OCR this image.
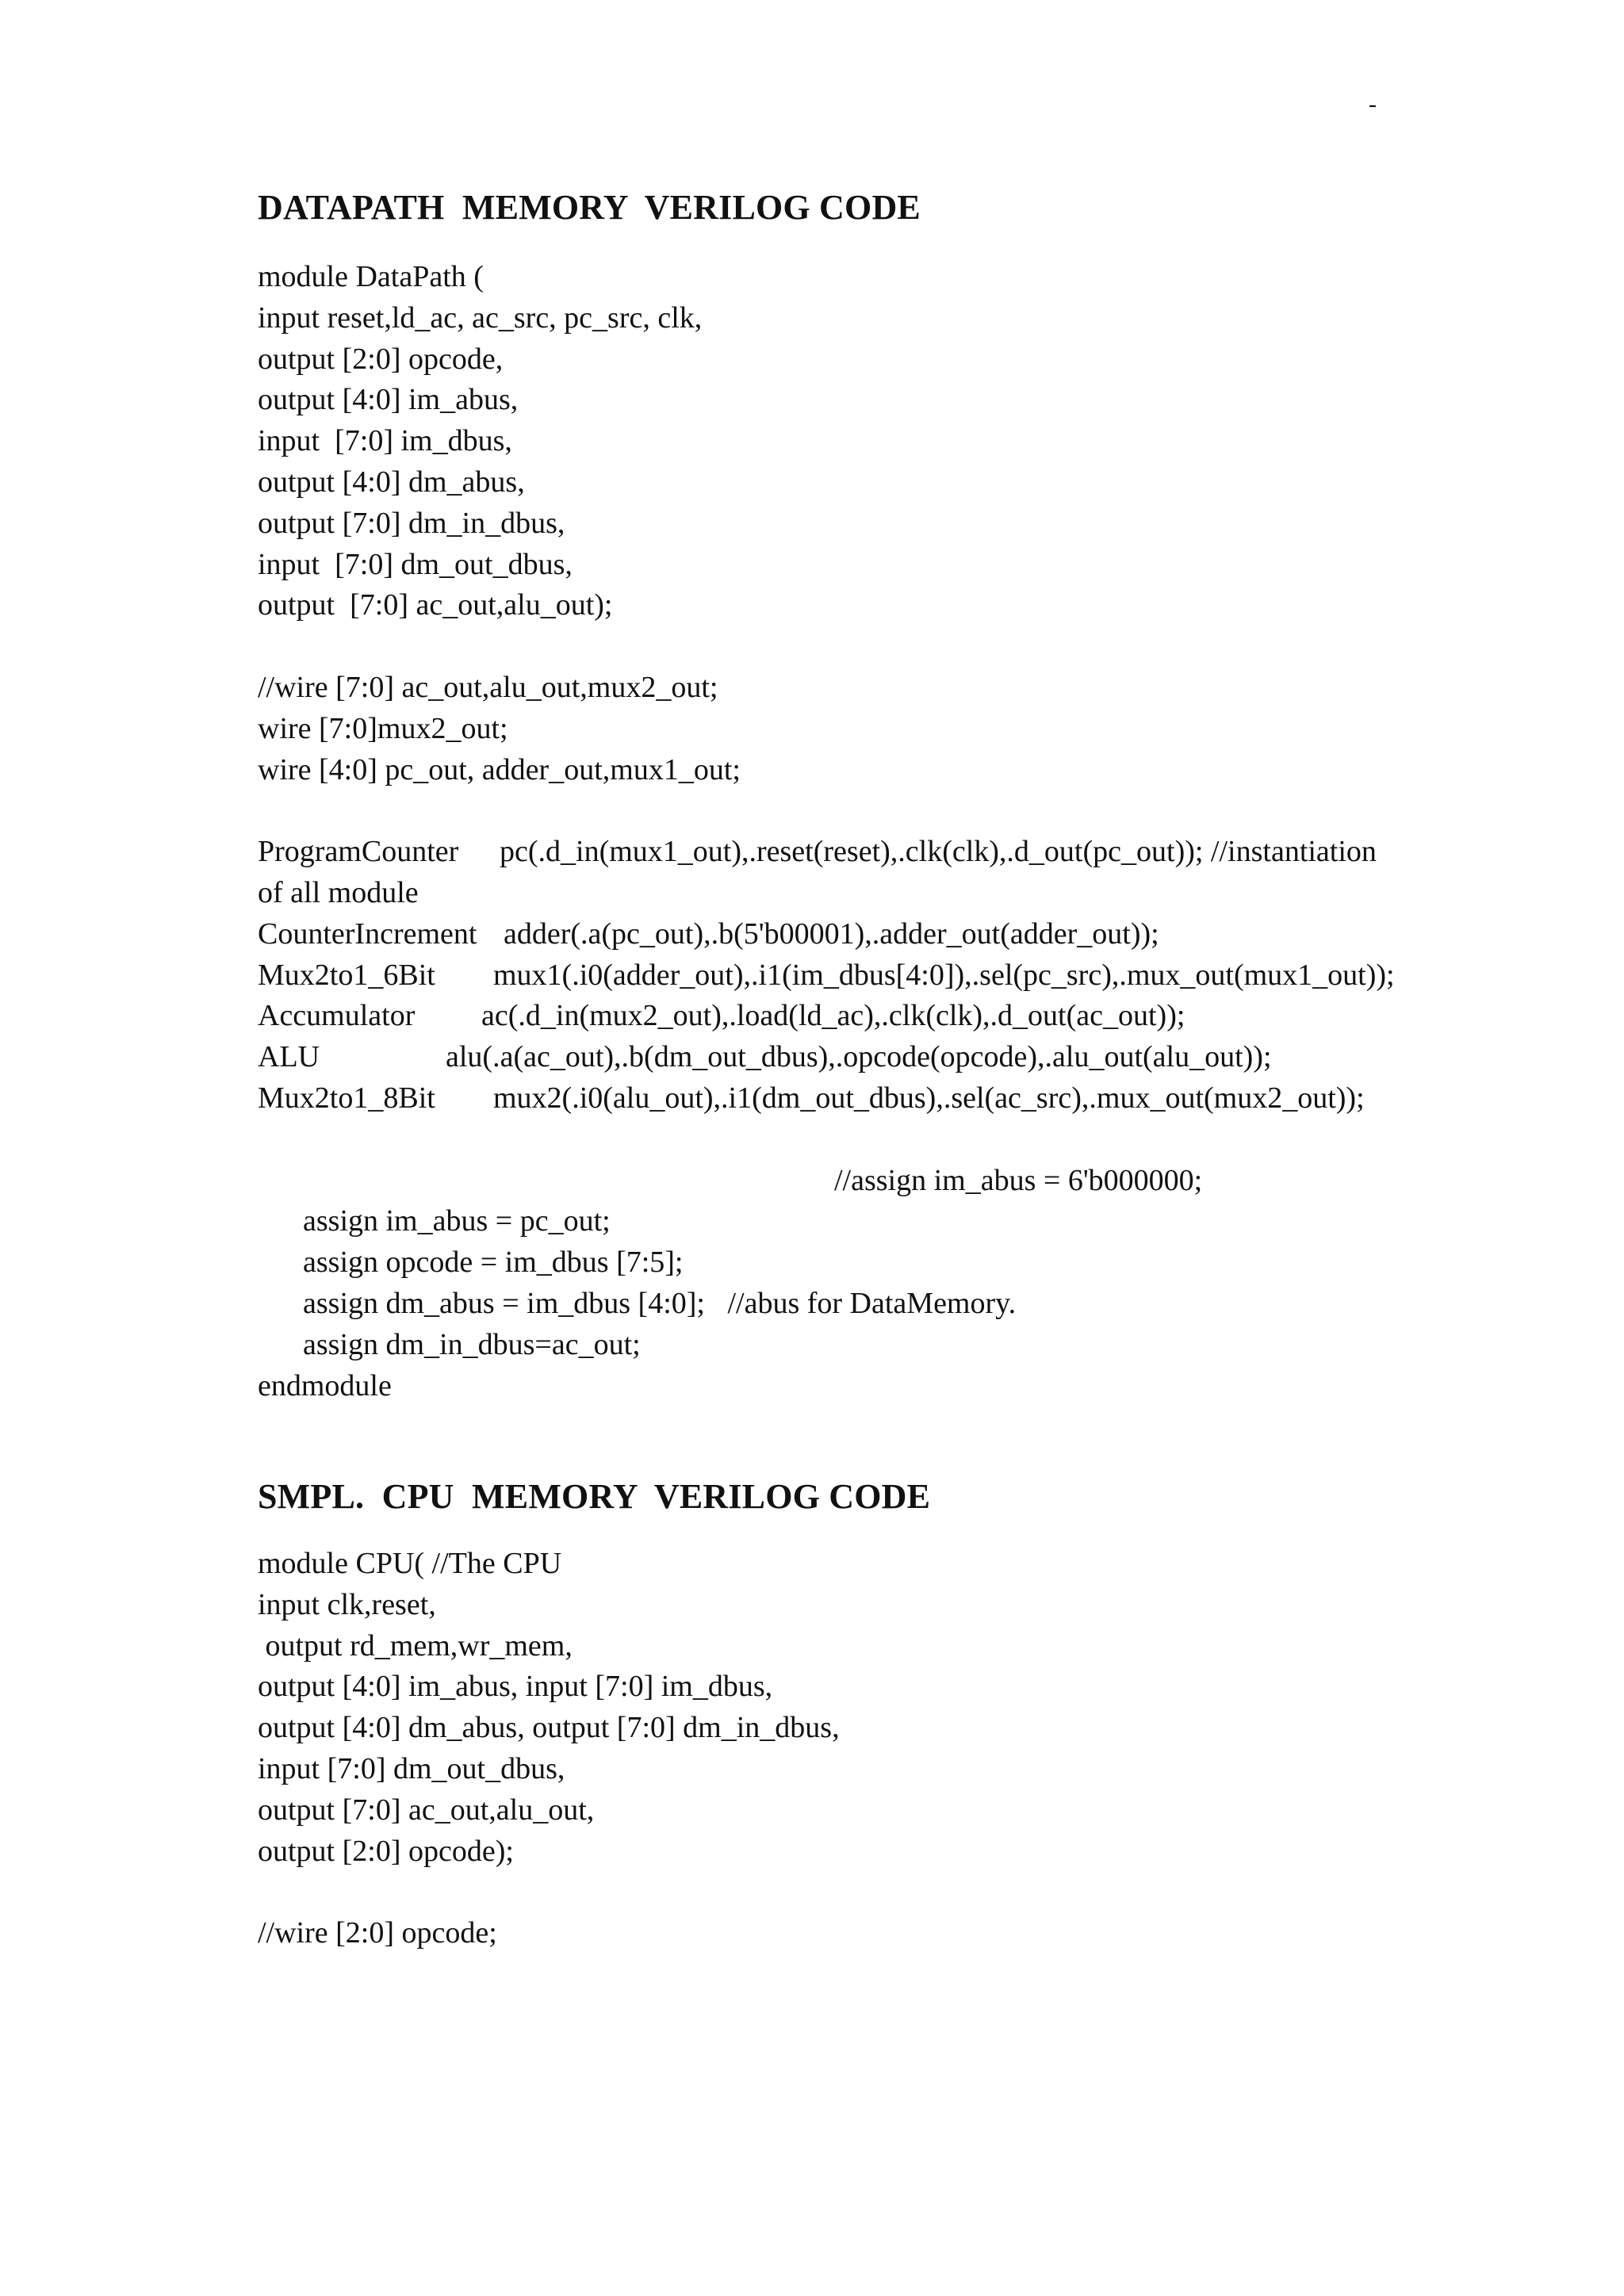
-
DATAPATH  MEMORY  VERILOG CODE
module DataPath (
input reset,ld_ac, ac_src, pc_src, clk,
output [2:0] opcode,
output [4:0] im_abus,
input  [7:0] im_dbus,
output [4:0] dm_abus,
output [7:0] dm_in_dbus,
input  [7:0] dm_out_dbus,
output  [7:0] ac_out,alu_out);
//wire [7:0] ac_out,alu_out,mux2_out;
wire [7:0]mux2_out;
wire [4:0] pc_out, adder_out,mux1_out;

ProgramCounter

pc(.d_in(mux1_out),.reset(reset),.clk(clk),.d_out(pc_out)); //instantiation

of all module

CounterIncrement

adder(.a(pc_out),.b(5'b00001),.adder_out(adder_out));

Mux2to1_6Bit

mux1(.i0(adder_out),.i1(im_dbus[4:0]),.sel(pc_src),.mux_out(mux1_out));

Accumulator

ac(.d_in(mux2_out),.load(ld_ac),.clk(clk),.d_out(ac_out));

ALU

	alu(.a(ac_out),.b(dm_out_dbus),.opcode(opcode),.alu_out(alu_out));

Mux2to1_8Bit

mux2(.i0(alu_out),.i1(dm_out_dbus),.sel(ac_src),.mux_out(mux2_out));

assign im_abus = pc_out;

//assign im_abus = 6'b000000;

assign opcode = im_dbus [7:5];

assign dm_abus = im_dbus [4:0];   //abus for DataMemory.

assign dm_in_dbus=ac_out;

endmodule
SMPL.  CPU  MEMORY  VERILOG CODE
module CPU( //The CPU
input clk,reset,
output rd_mem,wr_mem,
output [4:0] im_abus, input [7:0] im_dbus,
output [4:0] dm_abus, output [7:0] dm_in_dbus,
input [7:0] dm_out_dbus,
output [7:0] ac_out,alu_out,
output [2:0] opcode);
//wire [2:0] opcode;
